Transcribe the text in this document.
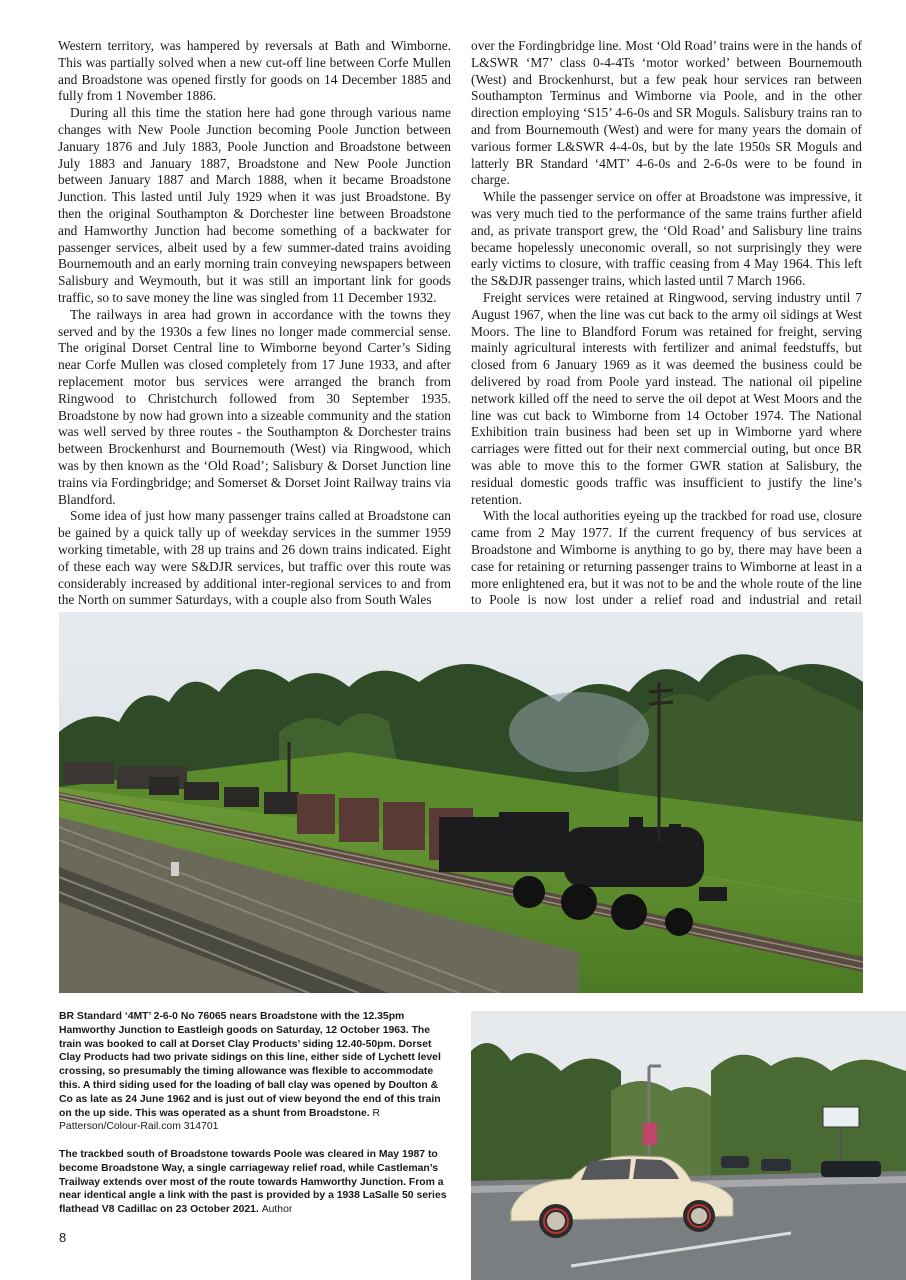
Western territory, was hampered by reversals at Bath and Wimborne. This was partially solved when a new cut-off line between Corfe Mullen and Broadstone was opened firstly for goods on 14 December 1885 and fully from 1 November 1886.

During all this time the station here had gone through various name changes with New Poole Junction becoming Poole Junction between January 1876 and July 1883, Poole Junction and Broadstone between July 1883 and January 1887, Broadstone and New Poole Junction between January 1887 and March 1888, when it became Broadstone Junction. This lasted until July 1929 when it was just Broadstone. By then the original Southampton & Dorchester line between Broadstone and Hamworthy Junction had become something of a backwater for passenger services, albeit used by a few summer-dated trains avoiding Bournemouth and an early morning train conveying newspapers between Salisbury and Weymouth, but it was still an important link for goods traffic, so to save money the line was singled from 11 December 1932.

The railways in area had grown in accordance with the towns they served and by the 1930s a few lines no longer made commercial sense. The original Dorset Central line to Wimborne beyond Carter’s Siding near Corfe Mullen was closed completely from 17 June 1933, and after replacement motor bus services were arranged the branch from Ringwood to Christchurch followed from 30 September 1935. Broadstone by now had grown into a sizeable community and the station was well served by three routes - the Southampton & Dorchester trains between Brockenhurst and Bournemouth (West) via Ringwood, which was by then known as the ‘Old Road’; Salisbury & Dorset Junction line trains via Fordingbridge; and Somerset & Dorset Joint Railway trains via Blandford.

Some idea of just how many passenger trains called at Broadstone can be gained by a quick tally up of weekday services in the summer 1959 working timetable, with 28 up trains and 26 down trains indicated. Eight of these each way were S&DJR services, but traffic over this route was considerably increased by additional inter-regional services to and from the North on summer Saturdays, with a couple also from South Wales

over the Fordingbridge line. Most ‘Old Road’ trains were in the hands of L&SWR ‘M7’ class 0-4-4Ts ‘motor worked’ between Bournemouth (West) and Brockenhurst, but a few peak hour services ran between Southampton Terminus and Wimborne via Poole, and in the other direction employing ‘S15’ 4-6-0s and SR Moguls. Salisbury trains ran to and from Bournemouth (West) and were for many years the domain of various former L&SWR 4-4-0s, but by the late 1950s SR Moguls and latterly BR Standard ‘4MT’ 4-6-0s and 2-6-0s were to be found in charge.

While the passenger service on offer at Broadstone was impressive, it was very much tied to the performance of the same trains further afield and, as private transport grew, the ‘Old Road’ and Salisbury line trains became hopelessly uneconomic overall, so not surprisingly they were early victims to closure, with traffic ceasing from 4 May 1964. This left the S&DJR passenger trains, which lasted until 7 March 1966.

Freight services were retained at Ringwood, serving industry until 7 August 1967, when the line was cut back to the army oil sidings at West Moors. The line to Blandford Forum was retained for freight, serving mainly agricultural interests with fertilizer and animal feedstuffs, but closed from 6 January 1969 as it was deemed the business could be delivered by road from Poole yard instead. The national oil pipeline network killed off the need to serve the oil depot at West Moors and the line was cut back to Wimborne from 14 October 1974. The National Exhibition train business had been set up in Wimborne yard where carriages were fitted out for their next commercial outing, but once BR was able to move this to the former GWR station at Salisbury, the residual domestic goods traffic was insufficient to justify the line’s retention.

With the local authorities eyeing up the trackbed for road use, closure came from 2 May 1977. If the current frequency of bus services at Broadstone and Wimborne is anything to go by, there may have been a case for retaining or returning passenger trains to Wimborne at least in a more enlightened era, but it was not to be and the whole route of the line to Poole is now lost under a relief road and industrial and retail

BR Standard ‘4MT’ 2-6-0 No 76065 nears Broadstone with the 12.35pm Hamworthy Junction to Eastleigh goods on Saturday, 12 October 1963. The train was booked to call at Dorset Clay Products’ siding 12.40-50pm. Dorset Clay Products had two private sidings on this line, either side of Lychett level crossing, so presumably the timing allowance was flexible to accommodate this. A third siding used for the loading of ball clay was opened by Doulton & Co as late as 24 June 1962 and is just out of view beyond the end of this train on the up side. This was operated as a shunt from Broadstone. R Patterson/Colour-Rail.com 314701
The trackbed south of Broadstone towards Poole was cleared in May 1987 to become Broadstone Way, a single carriageway relief road, while Castleman’s Trailway extends over most of the route towards Hamworthy Junction. From a near identical angle a link with the past is provided by a 1938 LaSalle 50 series flathead V8 Cadillac on 23 October 2021. Author
8
